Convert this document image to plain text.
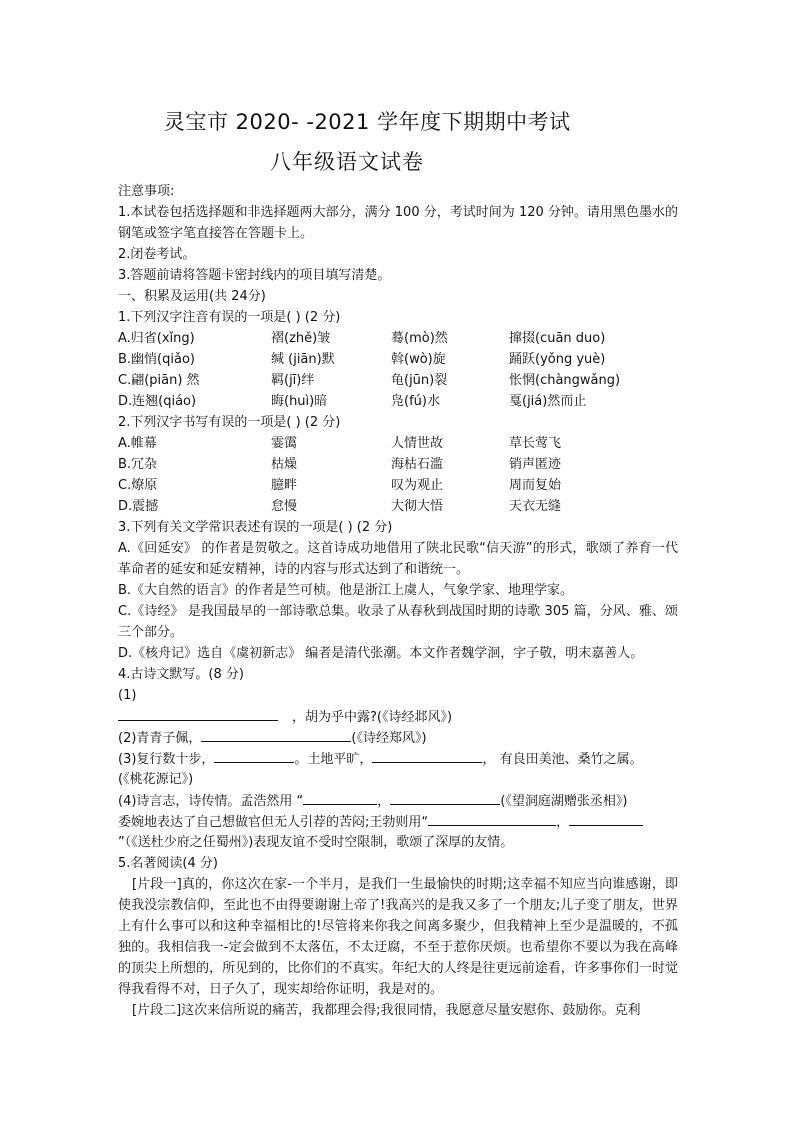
灵宝市 2020- -2021 学年度下期期中考试
八年级语文试卷
注意事项:
1.本试卷包括选择题和非选择题两大部分，满分 100 分，考试时间为 120 分钟。请用黑色墨水的钢笔或签字笔直接答在答题卡上。
2.闭卷考试。
3.答题前请将答题卡密封线内的项目填写清楚。
一、积累及运用(共 24分)
1.下列汉字注音有误的一项是( ) (2 分)
A.归省(xǐng)	褶(zhě)皱	蓦(mò)然	撺掇(cuān duo)
B.幽悄(qiǎo)	缄 (jiān)默	斡(wò)旋	踊跃(yǒng yuè)
C.翩(piān) 然	羁(jī)绊	龟(jūn)裂	怅惘(chàngwǎng)
D.连翘(qiáo)	晦(huì)暗	凫(fú)水	戛(jiá)然而止
2.下列汉字书写有误的一项是( ) (2 分)
A.帷幕	霎霭	人情世故	草长莺飞
B.冗杂	枯燥	海枯石滥	销声匿迹
C.燎原	臆畔	叹为观止	周而复始
D.震撼	怠慢	大彻大悟	天衣无缝
3.下列有关文学常识表述有误的一项是( ) (2 分)
A.《回延安》 的作者是贺敬之。这首诗成功地借用了陕北民歌“信天游”的形式，歌颂了养育一代革命者的延安和延安精神，诗的内容与形式达到了和谐统一。
B.《大自然的语言》的作者是竺可桢。他是浙江上虞人，气象学家、地理学家。
C.《诗经》 是我国最早的一部诗歌总集。收录了从春秋到战国时期的诗歌 305 篇，分风、雅、颂三个部分。
D.《核舟记》选自《虞初新志》 编者是清代张潮。本文作者魏学洄，字子敬，明末嘉善人。
4.古诗文默写。(8 分)
(1)
，胡为乎中露?(《诗经邶风》)
(2)青青子佩，	(《诗经郑风》)
(3)复行数十步，	。土地平旷，	， 有良田美池、桑竹之属。
(《桃花源记》)
(4)诗言志，诗传情。孟浩然用 “	，	(《望洞庭湖赠张丞相》)
委婉地表达了自己想做官但无人引荐的苦闷;王勃则用“	，
”（《送杜少府之任蜀州》)表现友谊不受时空限制，歌颂了深厚的友情。
5.名著阅读(4 分)
[片段一]真的，你这次在家-一个半月，是我们一生最愉快的时期;这幸福不知应当向谁感谢，即使我没宗教信仰，至此也不由得要谢谢上帝了!我高兴的是我又多了一个朋友;儿子变了朋友，世界上有什么事可以和这种幸福相比的!尽管将来你我之间离多聚少，但我精神上至少是温暖的，不孤独的。我相信我一-定会做到不太落伍，不太迂腐，不至于惹你厌烦。也希望你不要以为我在高峰的顶尖上所想的，所见到的，比你们的不真实。年纪大的人终是往更远前途看，许多事你们一时觉得我看得不对，日子久了，现实却给你证明，我是对的。
[片段二]这次来信所说的痛苦，我都理会得;我很同情，我愿意尽量安慰你、鼓励你。克利
